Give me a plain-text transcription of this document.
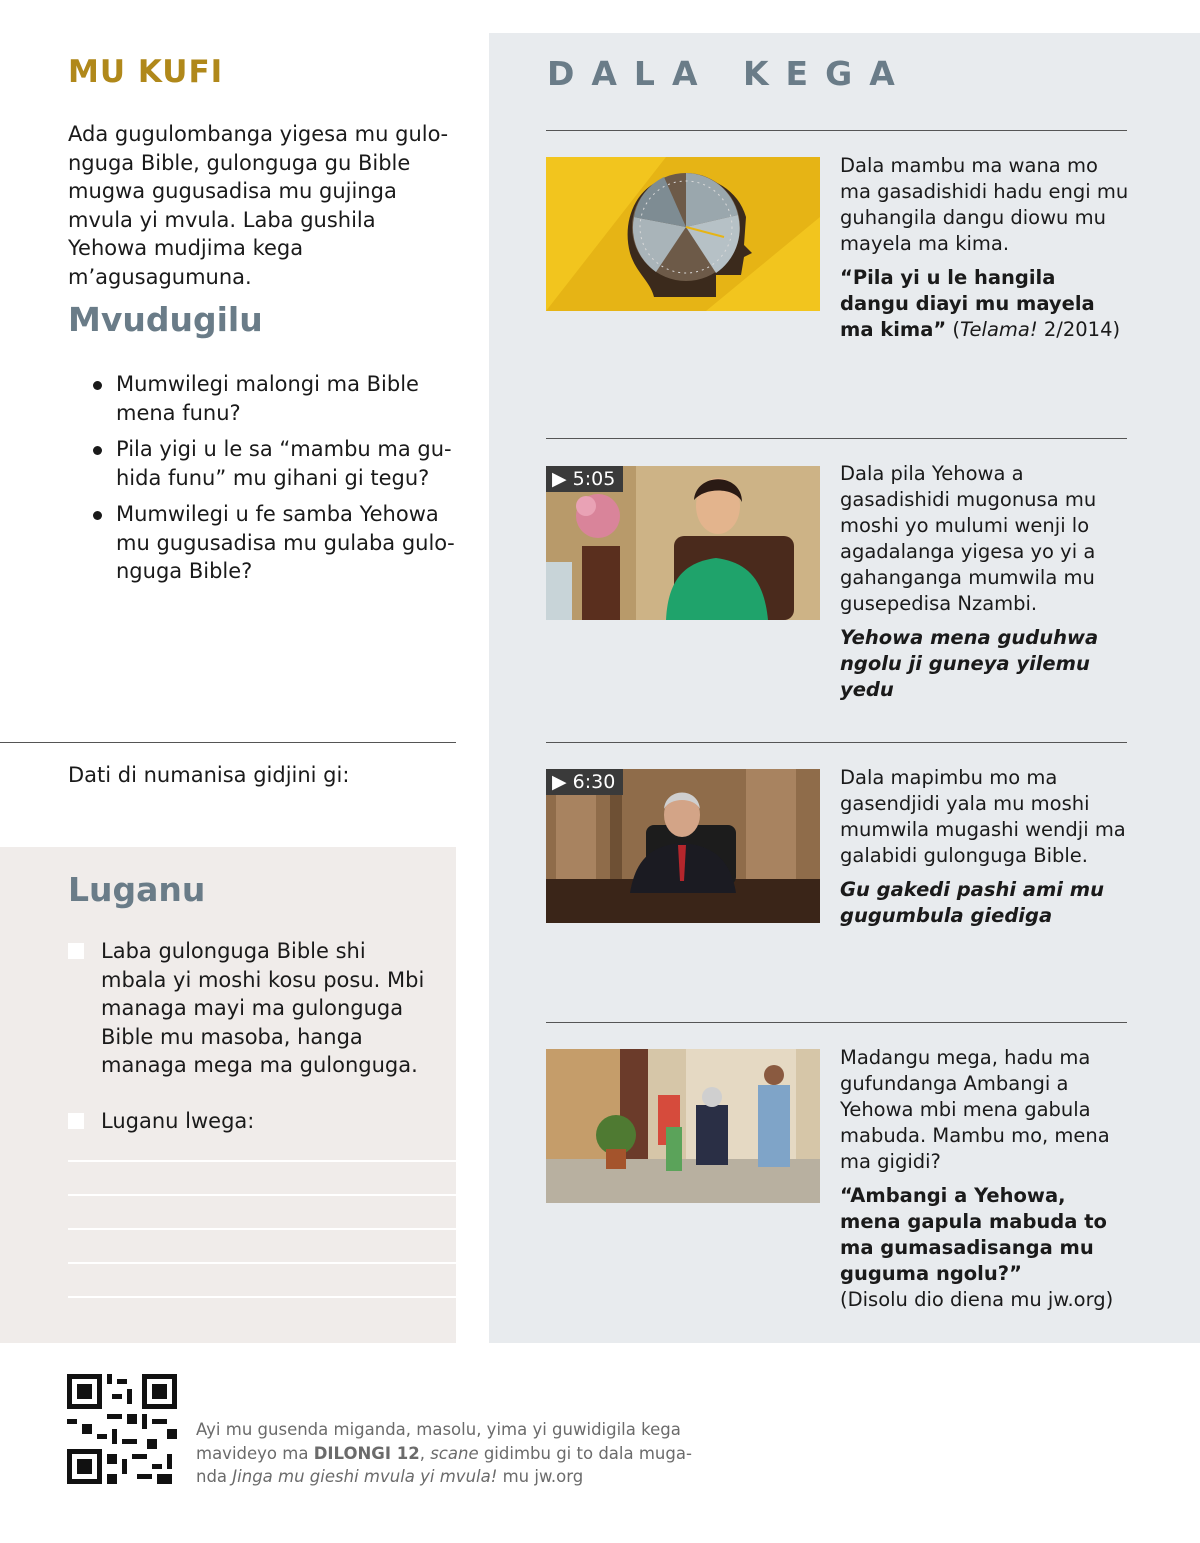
MU KUFI
Ada gugulombanga yigesa mu gulonguga Bible, gulonguga gu Bible mugwa gugusadisa mu gujinga mvula yi mvula. Laba gushila Yehowa mudjima kega m’agusagumuna.
Mvudugilu
Mumwilegi malongi ma Bible mena funu?
Pila yigi u le sa “mambu ma guhida funu” mu gihani gi tegu?
Mumwilegi u fe samba Yehowa mu gugusadisa mu gulaba gulonguga Bible?
Dati di numanisa gidjini gi:
Luganu
Laba gulonguga Bible shi mbala yi moshi kosu posu. Mbi managa mayi ma gulonguga Bible mu masoba, hanga managa mega ma gulonguga.
Luganu lwega:
DALA KEGA

Dala mambu ma wana mo ma gasadishidi hadu engi mu guhangila dangu diowu mu mayela ma kima.

“Pila yi u le hangila dangu diayi mu mayela ma kima” (Telama! 2/2014)

▶ 5:05	Dala pila Yehowa a gasadishidi mugonusa mu moshi yo mulumi wenji lo agadalanga yigesa yo yi a gahanganga mumwila mu gusepedisa Nzambi.

Yehowa mena guduhwa ngolu ji guneya yilemu yedu

▶ 6:30	Dala mapimbu mo ma gasendjidi yala mu moshi mumwila mugashi wendji ma galabidi gulonguga Bible.

Gu gakedi pashi ami mu gugumbula giediga

Madangu mega, hadu ma gufundanga Ambangi a Yehowa mbi mena gabula mabuda. Mambu mo, mena ma gigidi?

“Ambangi a Yehowa, mena gapula mabuda to ma gumasadisanga mu guguma ngolu?”

(Disolu dio diena mu jw.org)

Ayi mu gusenda miganda, masolu, yima yi guwidigila kega mavideyo ma DILONGI 12, scane gidimbu gi to dala muganda Jinga mu gieshi mvula yi mvula! mu jw.org
